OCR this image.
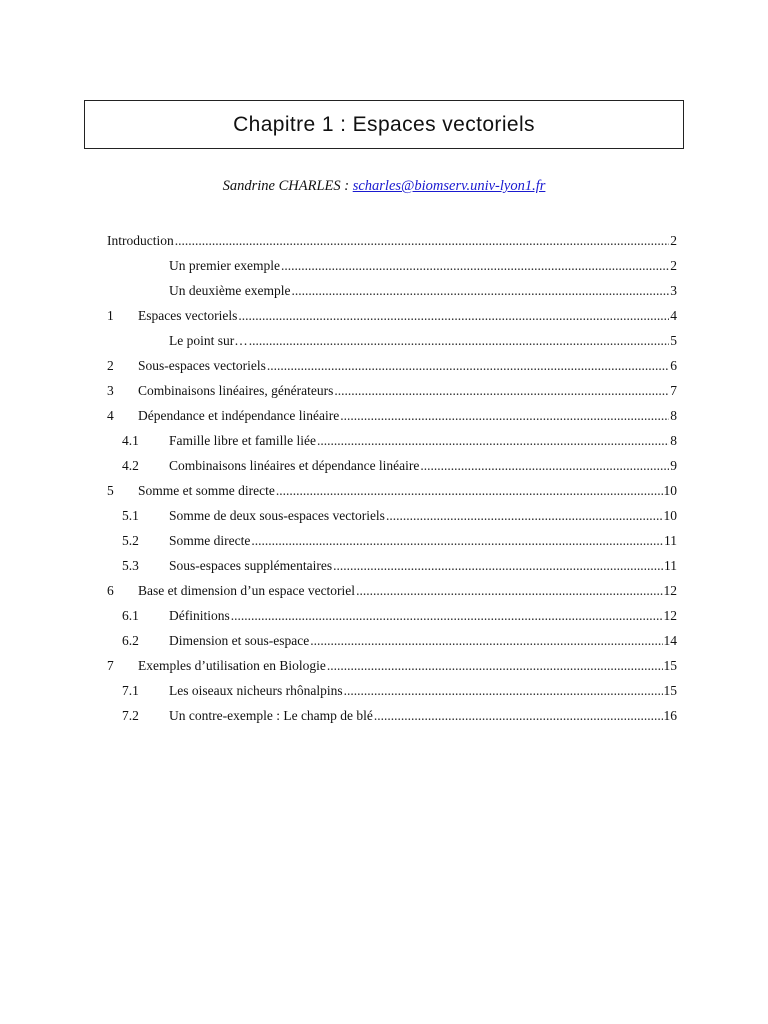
Chapitre 1 : Espaces vectoriels
Sandrine CHARLES : scharles@biomserv.univ-lyon1.fr
Introduction .....	2
Un premier exemple .....	2
Un deuxième exemple .....	3
1	Espaces vectoriels .....	4
Le point sur… .....	5
2	Sous-espaces vectoriels .....	6
3	Combinaisons linéaires, générateurs .....	7
4	Dépendance et indépendance linéaire .....	8
4.1	Famille libre et famille liée .....	8
4.2	Combinaisons linéaires et dépendance linéaire .....	9
5	Somme et somme directe .....	10
5.1	Somme de deux sous-espaces vectoriels .....	10
5.2	Somme directe .....	11
5.3	Sous-espaces supplémentaires .....	11
6	Base et dimension d’un espace vectoriel .....	12
6.1	Définitions .....	12
6.2	Dimension et sous-espace .....	14
7	Exemples d’utilisation en Biologie .....	15
7.1	Les oiseaux nicheurs rhônalpins .....	15
7.2	Un contre-exemple : Le champ de blé .....	16
